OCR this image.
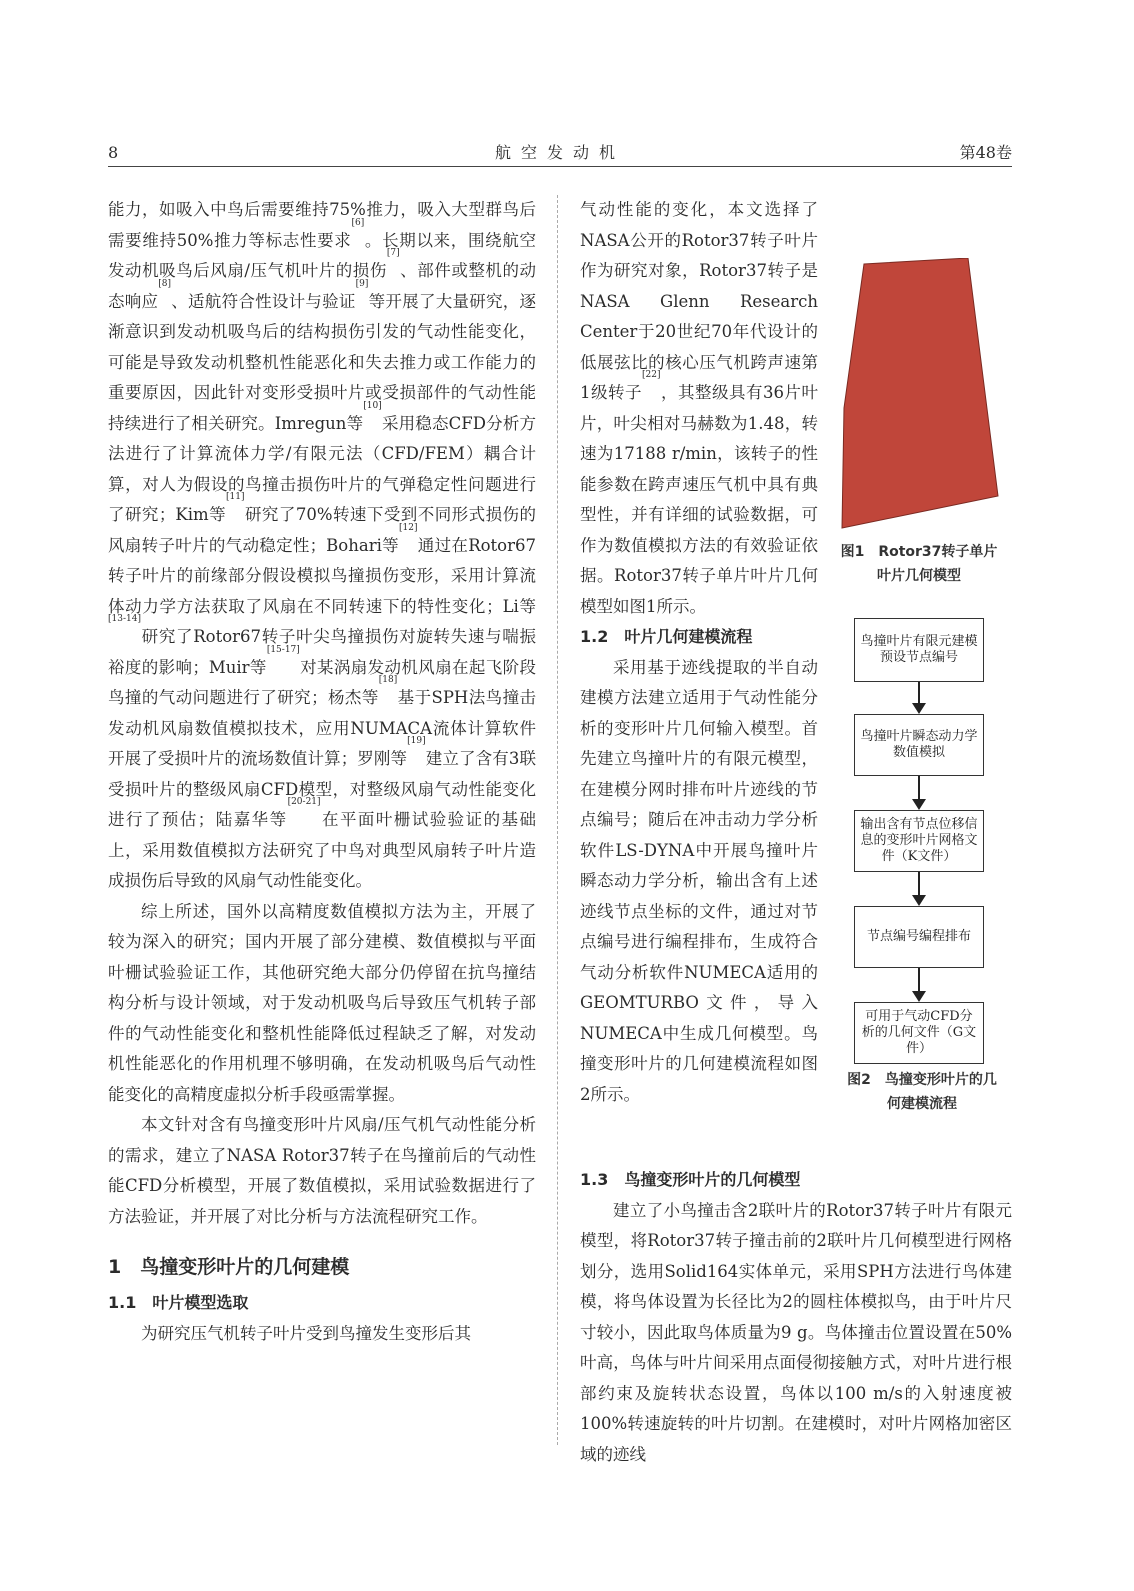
8	航空发动机	第48卷

能力，如吸入中鸟后需要维持75%推力，吸入大型群鸟后需要维持50%推力等标志性要求[6]。长期以来，围绕航空发动机吸鸟后风扇/压气机叶片的损伤[7]、部件或整机的动态响应[8]、适航符合性设计与验证[9]等开展了大量研究，逐渐意识到发动机吸鸟后的结构损伤引发的气动性能变化，可能是导致发动机整机性能恶化和失去推力或工作能力的重要原因，因此针对变形受损叶片或受损部件的气动性能持续进行了相关研究。Imregun等[10]采用稳态CFD分析方法进行了计算流体力学/有限元法（CFD/FEM）耦合计算，对人为假设的鸟撞击损伤叶片的气弹稳定性问题进行了研究；Kim等[11]研究了70%转速下受到不同形式损伤的风扇转子叶片的气动稳定性；Bohari等[12]通过在Rotor67转子叶片的前缘部分假设模拟鸟撞损伤变形，采用计算流体动力学方法获取了风扇在不同转速下的特性变化；Li等[13-14]研究了Rotor67转子叶尖鸟撞损伤对旋转失速与喘振裕度的影响；Muir等[15-17]对某涡扇发动机风扇在起飞阶段鸟撞的气动问题进行了研究；杨杰等[18]基于SPH法鸟撞击发动机风扇数值模拟技术，应用NUMACA流体计算软件开展了受损叶片的流场数值计算；罗刚等[19]建立了含有3联受损叶片的整级风扇CFD模型，对整级风扇气动性能变化进行了预估；陆嘉华等[20-21]在平面叶栅试验验证的基础上，采用数值模拟方法研究了中鸟对典型风扇转子叶片造成损伤后导致的风扇气动性能变化。

综上所述，国外以高精度数值模拟方法为主，开展了较为深入的研究；国内开展了部分建模、数值模拟与平面叶栅试验验证工作，其他研究绝大部分仍停留在抗鸟撞结构分析与设计领域，对于发动机吸鸟后导致压气机转子部件的气动性能变化和整机性能降低过程缺乏了解，对发动机性能恶化的作用机理不够明确，在发动机吸鸟后气动性能变化的高精度虚拟分析手段亟需掌握。

本文针对含有鸟撞变形叶片风扇/压气机气动性能分析的需求，建立了NASA Rotor37转子在鸟撞前后的气动性能CFD分析模型，开展了数值模拟，采用试验数据进行了方法验证，并开展了对比分析与方法流程研究工作。

1　鸟撞变形叶片的几何建模
1.1　叶片模型选取

为研究压气机转子叶片受到鸟撞发生变形后其

气动性能的变化，本文选择了NASA公开的Rotor37转子叶片作为研究对象，Rotor37转子是NASA Glenn Research Center于20世纪70年代设计的低展弦比的核心压气机跨声速第1级转子[22]，其整级具有36片叶片，叶尖相对马赫数为1.48，转速为17188 r/min，该转子的性能参数在跨声速压气机中具有典型性，并有详细的试验数据，可作为数值模拟方法的有效验证依据。Rotor37转子单片叶片几何模型如图1所示。

1.2　叶片几何建模流程

采用基于迹线提取的半自动建模方法建立适用于气动性能分析的变形叶片几何输入模型。首先建立鸟撞叶片的有限元模型，在建模分网时排布叶片迹线的节点编号；随后在冲击动力学分析软件LS-DYNA中开展鸟撞叶片瞬态动力学分析，输出含有上述迹线节点坐标的文件，通过对节点编号进行编程排布，生成符合气动分析软件NUMECA适用的GEOMTURBO文件，导入NUMECA中生成几何模型。鸟撞变形叶片的几何建模流程如图2所示。

1.3　鸟撞变形叶片的几何模型

建立了小鸟撞击含2联叶片的Rotor37转子叶片有限元模型，将Rotor37转子撞击前的2联叶片几何模型进行网格划分，选用Solid164实体单元，采用SPH方法进行鸟体建模，将鸟体设置为长径比为2的圆柱体模拟鸟，由于叶片尺寸较小，因此取鸟体质量为9 g。鸟体撞击位置设置在50%叶高，鸟体与叶片间采用点面侵彻接触方式，对叶片进行根部约束及旋转状态设置，鸟体以100 m/s的入射速度被100%转速旋转的叶片切割。在建模时，对叶片网格加密区域的迹线

图1　Rotor37转子单片
叶片几何模型
鸟撞叶片有限元建模预设节点编号
鸟撞叶片瞬态动力学数值模拟
输出含有节点位移信息的变形叶片网格文件（K文件）
节点编号编程排布
可用于气动CFD分析的几何文件（G文件）
图2　鸟撞变形叶片的几
何建模流程
